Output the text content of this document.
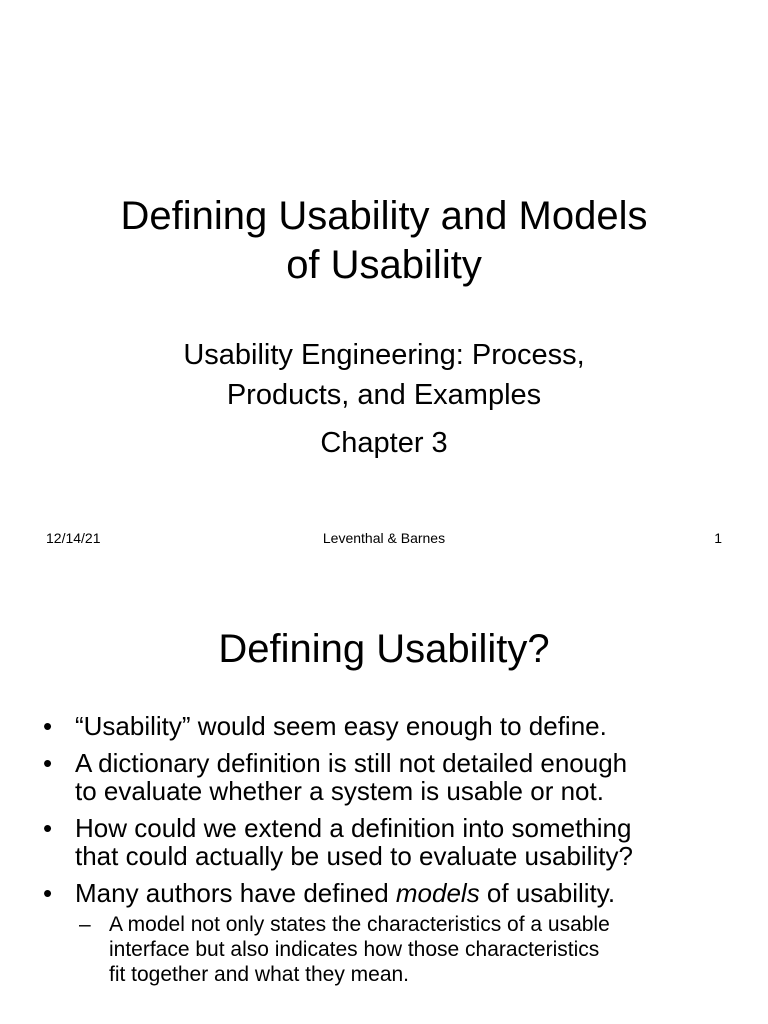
Defining Usability and Models
of Usability
Usability Engineering: Process,
Products, and Examples
Chapter 3
12/14/21	Leventhal & Barnes	1
Defining Usability?
• “Usability” would seem easy enough to define.
• A dictionary definition is still not detailed enough
to evaluate whether a system is usable or not.
• How could we extend a definition into something
that could actually be used to evaluate usability?
• Many authors have defined models of usability.
– A model not only states the characteristics of a usable
interface but also indicates how those characteristics
fit together and what they mean.
